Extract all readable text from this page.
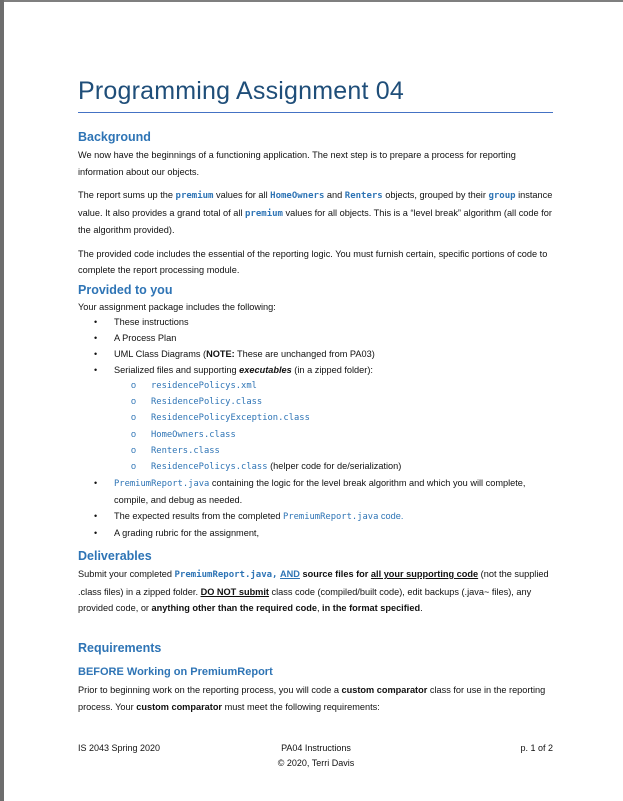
Programming Assignment 04
Background

We now have the beginnings of a functioning application. The next step is to prepare a process for reporting information about our objects.

The report sums up the premium values for all HomeOwners and Renters objects, grouped by their group instance value. It also provides a grand total of all premium values for all objects. This is a “level break” algorithm (all code for the algorithm provided).

The provided code includes the essential of the reporting logic. You must furnish certain, specific portions of code to complete the report processing module.

Provided to you
Your assignment package includes the following:
• These instructions
• A Process Plan
• UML Class Diagrams (NOTE: These are unchanged from PA03)
• Serialized files and supporting executables (in a zipped folder):
o residencePolicys.xml
o ResidencePolicy.class
o ResidencePolicyException.class
o HomeOwners.class
o Renters.class
o ResidencePolicys.class (helper code for de/serialization)
• PremiumReport.java containing the logic for the level break algorithm and which you will complete, compile, and debug as needed.
• The expected results from the completed PremiumReport.java code.
• A grading rubric for the assignment,
Deliverables
Submit your completed PremiumReport.java, AND source files for all your supporting code (not the supplied .class files) in a zipped folder. DO NOT submit class code (compiled/built code), edit backups (.java~ files), any provided code, or anything other than the required code, in the format specified.
Requirements
BEFORE Working on PremiumReport
Prior to beginning work on the reporting process, you will code a custom comparator class for use in the reporting process. Your custom comparator must meet the following requirements:
IS 2043 Spring 2020	PA04 Instructions
© 2020, Terri Davis
p. 1 of 2
